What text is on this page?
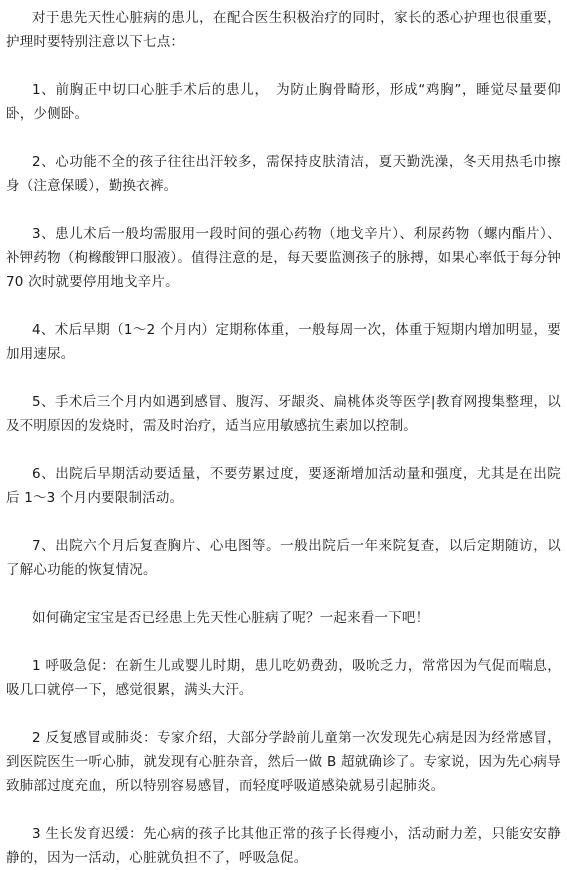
对于患先天性心脏病的患儿，在配合医生积极治疗的同时，家长的悉心护理也很重要，护理时要特别注意以下七点：

1、前胸正中切口心脏手术后的患儿，　为防止胸骨畸形，形成“鸡胸”，睡觉尽量要仰卧，少侧卧。

2、心功能不全的孩子往往出汗较多，需保持皮肤清洁，夏天勤洗澡，冬天用热毛巾擦身（注意保暖），勤换衣裤。

3、患儿术后一般均需服用一段时间的强心药物（地戈辛片）、利尿药物（螺内酯片）、补钾药物（枸橼酸钾口服液）。值得注意的是，每天要监测孩子的脉搏，如果心率低于每分钟 70 次时就要停用地戈辛片。

4、术后早期（1～2 个月内）定期称体重，一般每周一次，体重于短期内增加明显，要加用速尿。

5、手术后三个月内如遇到感冒、腹泻、牙龈炎、扁桃体炎等医学|教育网搜集整理，以及不明原因的发烧时，需及时治疗，适当应用敏感抗生素加以控制。

6、出院后早期活动要适量，不要劳累过度，要逐渐增加活动量和强度，尤其是在出院后 1～3 个月内要限制活动。

7、出院六个月后复查胸片、心电图等。一般出院后一年来院复查，以后定期随访，以了解心功能的恢复情况。

如何确定宝宝是否已经患上先天性心脏病了呢？一起来看一下吧！

1 呼吸急促：在新生儿或婴儿时期，患儿吃奶费劲，吸吮乏力，常常因为气促而喘息，吸几口就停一下，感觉很累，满头大汗。

2 反复感冒或肺炎：专家介绍，大部分学龄前儿童第一次发现先心病是因为经常感冒，到医院医生一听心肺，就发现有心脏杂音，然后一做 B 超就确诊了。专家说，因为先心病导致肺部过度充血，所以特别容易感冒，而轻度呼吸道感染就易引起肺炎。

3 生长发育迟缓：先心病的孩子比其他正常的孩子长得瘦小，活动耐力差，只能安安静静的，因为一活动，心脏就负担不了，呼吸急促。
